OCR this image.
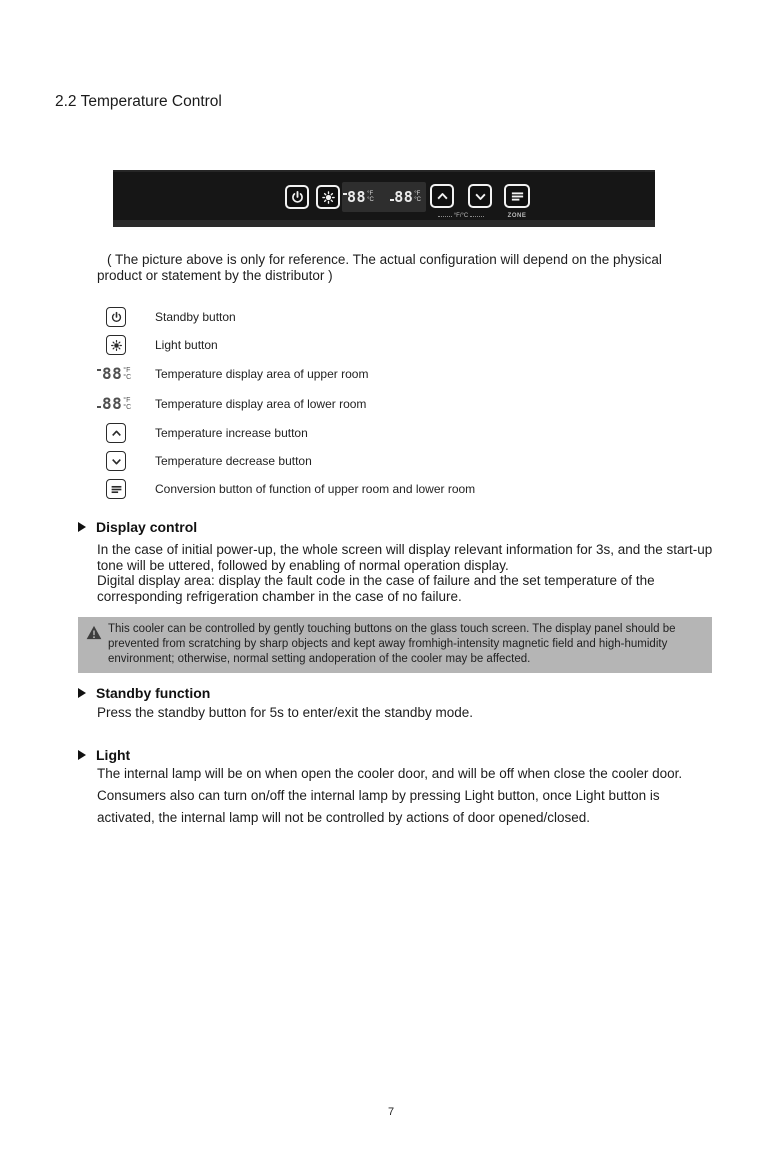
2.2 Temperature Control
88 °F
°C 88 °F
°C
°F/°C	ZONE
( The picture above is only for reference. The actual configuration will depend on the physical product or statement by the distributor )
Standby button
Light button
88 °F
°C Temperature display area of upper room
88 °F
°C Temperature display area of lower room
Temperature increase button
Temperature decrease button
Conversion button of function of upper room and lower room
Display control
In the case of initial power-up, the whole screen will display relevant information for 3s, and the start-up tone will be uttered, followed by enabling of normal operation display.
Digital display area: display the fault code in the case of failure and the set temperature of the corresponding refrigeration chamber in the case of no failure.
This cooler can be controlled by gently touching buttons on the glass touch screen. The display panel should be prevented from scratching by sharp objects and kept away fromhigh-intensity magnetic field and high-humidity environment; otherwise, normal setting andoperation of the cooler may be affected.
Standby function
Press the standby button for 5s to enter/exit the standby mode.
Light
The internal lamp will be on when open the cooler door, and will be off when close the cooler door.
Consumers also can turn on/off the internal lamp by pressing Light button, once Light button is activated, the internal lamp will not be controlled by actions of door opened/closed.
7
